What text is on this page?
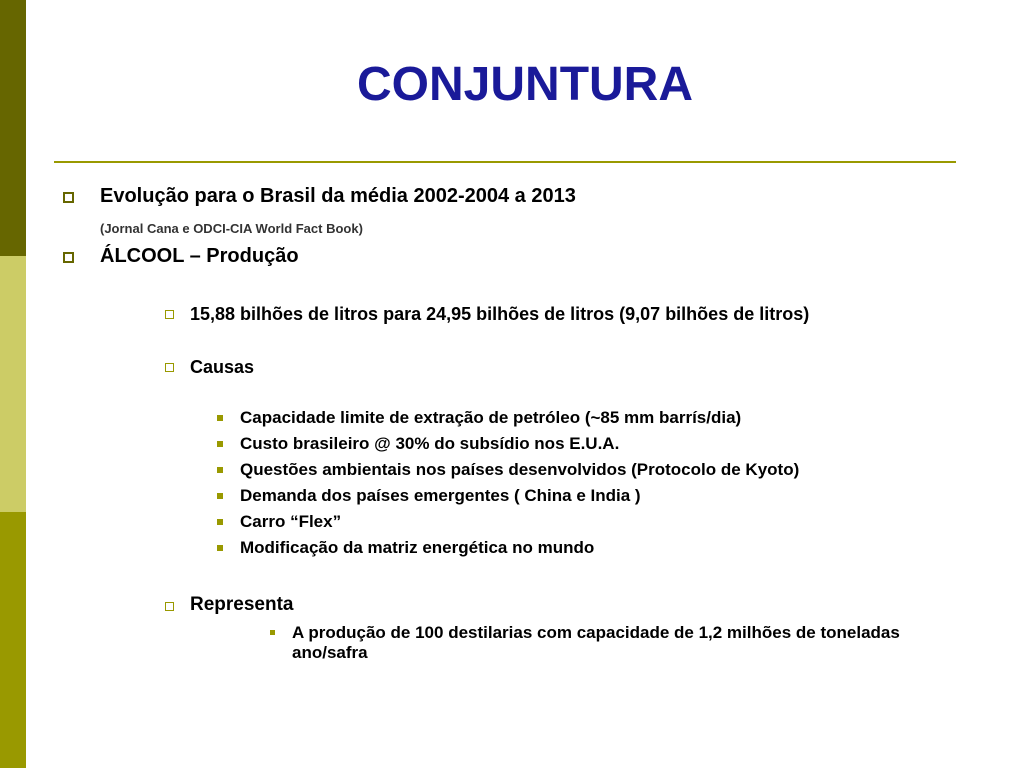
CONJUNTURA

Evolução para o Brasil da média 2002-2004 a 2013

(Jornal Cana e ODCI-CIA World Fact Book)

ÁLCOOL – Produção

15,88 bilhões de litros para 24,95 bilhões de litros (9,07 bilhões de litros)

Causas

Capacidade limite de extração de petróleo (~85 mm barrís/dia)

Custo brasileiro @ 30% do subsídio nos E.U.A.

Questões ambientais nos países desenvolvidos (Protocolo de Kyoto)

Demanda dos países emergentes ( China e India )

Carro “Flex”

Modificação da matriz energética no mundo

Representa

A produção de 100 destilarias com capacidade de 1,2 milhões de toneladas ano/safra
